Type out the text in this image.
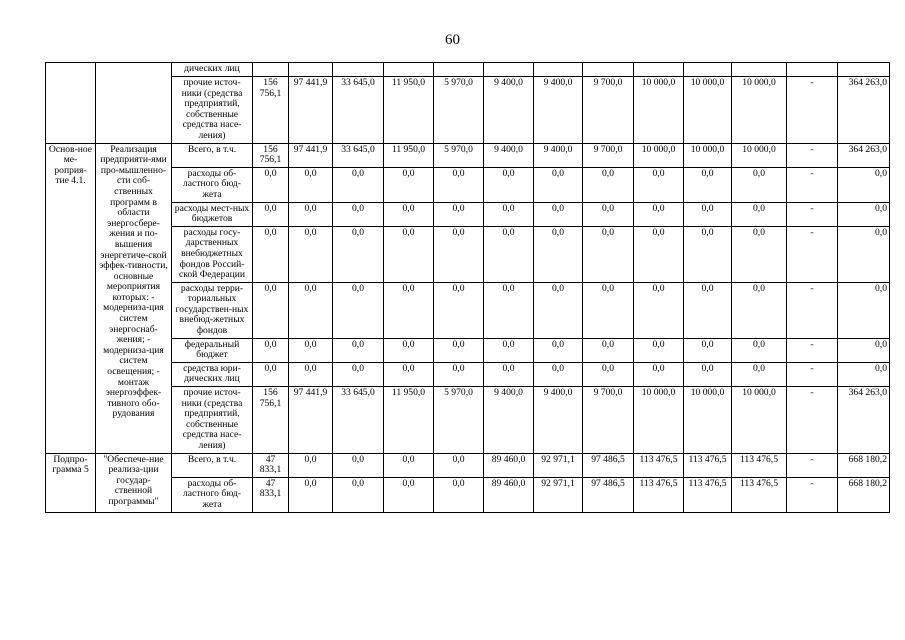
60
		дических лиц													
		прочие источ-ники (средства предприятий, собственные средства насе-ления)	156 756,1	97 441,9	33 645,0	11 950,0	5 970,0	9 400,0	9 400,0	9 700,0	10 000,0	10 000,0	10 000,0	-	364 263,0
Основ-ное ме-роприя-тие 4.1.	Реализация предприяти-ями про-мышленно-сти соб-ственных программ в области энергосбере-жения и по-вышения энергетиче-ской эффек-тивности, основные мероприятия которых: - модерниза-ция систем энергоснаб-жения; - модерниза-ция систем освещения; - монтаж энергоэффек-тивного обо-рудования	Всего, в т.ч.	156 756,1	97 441,9	33 645,0	11 950,0	5 970,0	9 400,0	9 400,0	9 700,0	10 000,0	10 000,0	10 000,0	-	364 263,0
		расходы об-ластного бюд-жета	0,0	0,0	0,0	0,0	0,0	0,0	0,0	0,0	0,0	0,0	0,0	-	0,0
		расходы мест-ных бюджетов	0,0	0,0	0,0	0,0	0,0	0,0	0,0	0,0	0,0	0,0	0,0	-	0,0
		расходы госу-дарственных внебюджетных фондов Россий-ской Федерации	0,0	0,0	0,0	0,0	0,0	0,0	0,0	0,0	0,0	0,0	0,0	-	0,0
		расходы терри-ториальных государствен-ных внебюд-жетных фондов	0,0	0,0	0,0	0,0	0,0	0,0	0,0	0,0	0,0	0,0	0,0	-	0,0
		федеральный бюджет	0,0	0,0	0,0	0,0	0,0	0,0	0,0	0,0	0,0	0,0	0,0	-	0,0
		средства юри-дических лиц	0,0	0,0	0,0	0,0	0,0	0,0	0,0	0,0	0,0	0,0	0,0	-	0,0
		прочие источ-ники (средства предприятий, собственные средства насе-ления)	156 756,1	97 441,9	33 645,0	11 950,0	5 970,0	9 400,0	9 400,0	9 700,0	10 000,0	10 000,0	10 000,0	-	364 263,0
Подпро-грамма 5	"Обеспече-ние реализа-ции государ-ственной программы"	Всего, в т.ч.	47 833,1	0,0	0,0	0,0	0,0	89 460,0	92 971,1	97 486,5	113 476,5	113 476,5	113 476,5	-	668 180,2
		расходы об-ластного бюд-жета	47 833,1	0,0	0,0	0,0	0,0	89 460,0	92 971,1	97 486,5	113 476,5	113 476,5	113 476,5	-	668 180,2
